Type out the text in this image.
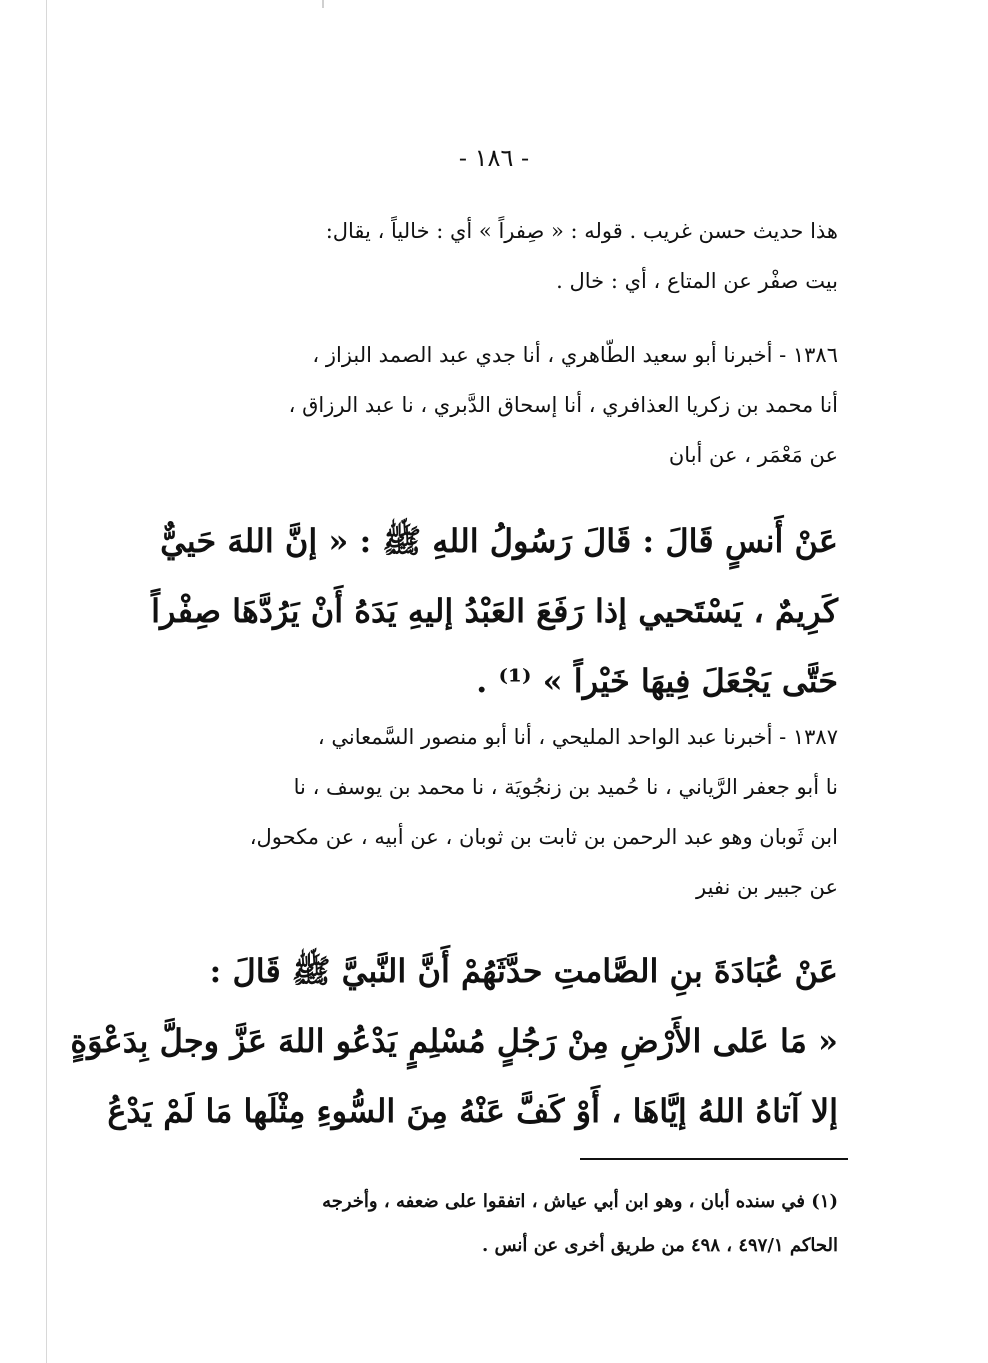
- ١٨٦ -
هذا حديث حسن غريب . قوله : « صِفراً » أي : خالياً ، يقال:
بيت صفْر عن المتاع ، أي : خال .
١٣٨٦ - أخبرنا أبو سعيد الطّاهري ، أنا جدي عبد الصمد البزاز ،
أنا محمد بن زكريا العذافري ، أنا إسحاق الدَّبري ، نا عبد الرزاق ،
عن مَعْمَر ، عن أبان
عَنْ أَنسٍ قَالَ : قَالَ رَسُولُ اللهِ ﷺ : « إنَّ اللهَ حَييٌّ
كَرِيمٌ ، يَسْتَحيي إذا رَفَعَ العَبْدُ إليهِ يَدَهُ أَنْ يَرُدَّهَا صِفْراً
حَتَّى يَجْعَلَ فِيهَا خَيْراً » ⁽¹⁾ .
١٣٨٧ - أخبرنا عبد الواحد المليحي ، أنا أبو منصور السَّمعاني ،
نا أبو جعفر الرَّياني ، نا حُميد بن زنجُويَة ، نا محمد بن يوسف ، نا
ابن ثَوبان وهو عبد الرحمن بن ثابت بن ثوبان ، عن أبيه ، عن مكحول،
عن جبير بن نفير
عَنْ عُبَادَةَ بنِ الصَّامتِ حدَّثَهُمْ أَنَّ النَّبيَّ ﷺ قَالَ :
« مَا عَلى الأَرْضِ مِنْ رَجُلٍ مُسْلِمٍ يَدْعُو اللهَ عَزَّ وجلَّ بِدَعْوَةٍ
إلا آتاهُ اللهُ إيَّاهَا ، أَوْ كَفَّ عَنْهُ مِنَ السُّوءِ مِثْلَها مَا لَمْ يَدْعُ
(١) في سنده أبان ، وهو ابن أبي عياش ، اتفقوا على ضعفه ، وأخرجه
الحاكم ٤٩٧/١ ، ٤٩٨ من طريق أخرى عن أنس .
